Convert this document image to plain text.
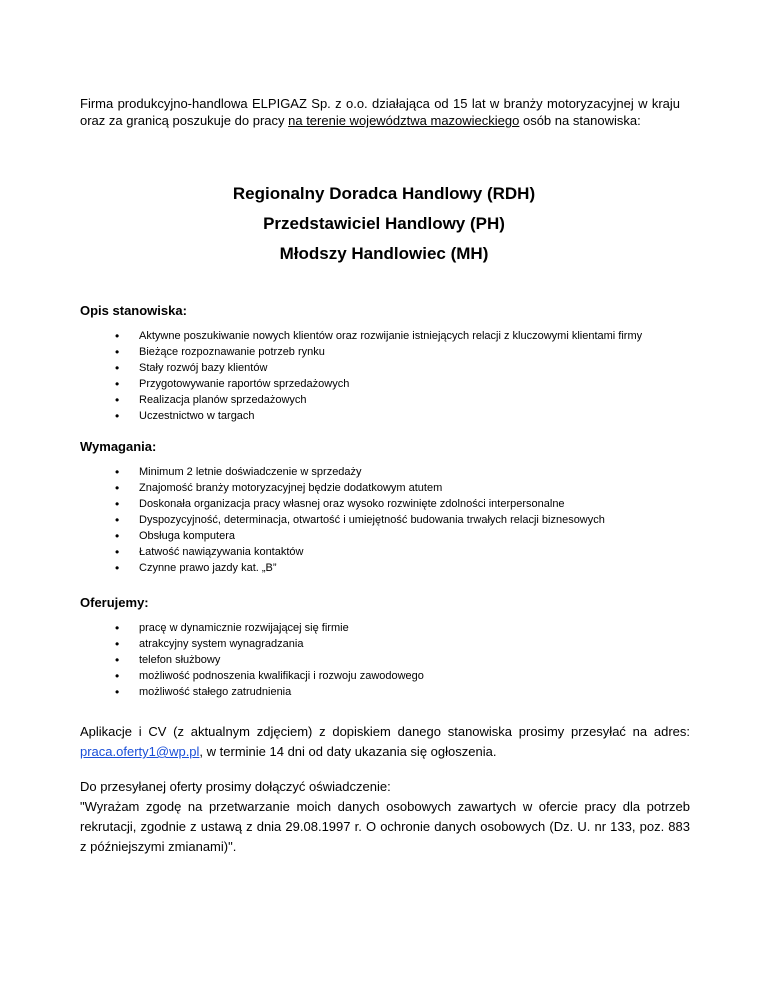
Firma produkcyjno-handlowa ELPIGAZ Sp. z o.o. działająca od 15 lat w branży motoryzacyjnej w kraju oraz za granicą poszukuje do pracy na terenie województwa mazowieckiego osób na stanowiska:

Regionalny Doradca Handlowy (RDH)
Przedstawiciel Handlowy (PH)
Młodszy Handlowiec (MH)
Opis stanowiska:
• Aktywne poszukiwanie nowych klientów oraz rozwijanie istniejących relacji z kluczowymi klientami firmy
• Bieżące rozpoznawanie potrzeb rynku
• Stały rozwój bazy klientów
• Przygotowywanie raportów sprzedażowych
• Realizacja planów sprzedażowych
• Uczestnictwo w targach
Wymagania:
• Minimum 2 letnie doświadczenie w sprzedaży
• Znajomość branży motoryzacyjnej będzie dodatkowym atutem
• Doskonała organizacja pracy własnej oraz wysoko rozwinięte zdolności interpersonalne
• Dyspozycyjność, determinacja, otwartość i umiejętność budowania trwałych relacji biznesowych
• Obsługa komputera
• Łatwość nawiązywania kontaktów
• Czynne prawo jazdy kat. „B”
Oferujemy:
• pracę w dynamicznie rozwijającej się firmie
• atrakcyjny system wynagradzania
• telefon służbowy
• możliwość podnoszenia kwalifikacji i rozwoju zawodowego
• możliwość stałego zatrudnienia

Aplikacje i CV (z aktualnym zdjęciem) z dopiskiem danego stanowiska prosimy przesyłać na adres: praca.oferty1@wp.pl, w terminie 14 dni od daty ukazania się ogłoszenia.

Do przesyłanej oferty prosimy dołączyć oświadczenie:
"Wyrażam zgodę na przetwarzanie moich danych osobowych zawartych w ofercie pracy dla potrzeb rekrutacji, zgodnie z ustawą z dnia 29.08.1997 r. O ochronie danych osobowych (Dz. U. nr 133, poz. 883 z późniejszymi zmianami)".
